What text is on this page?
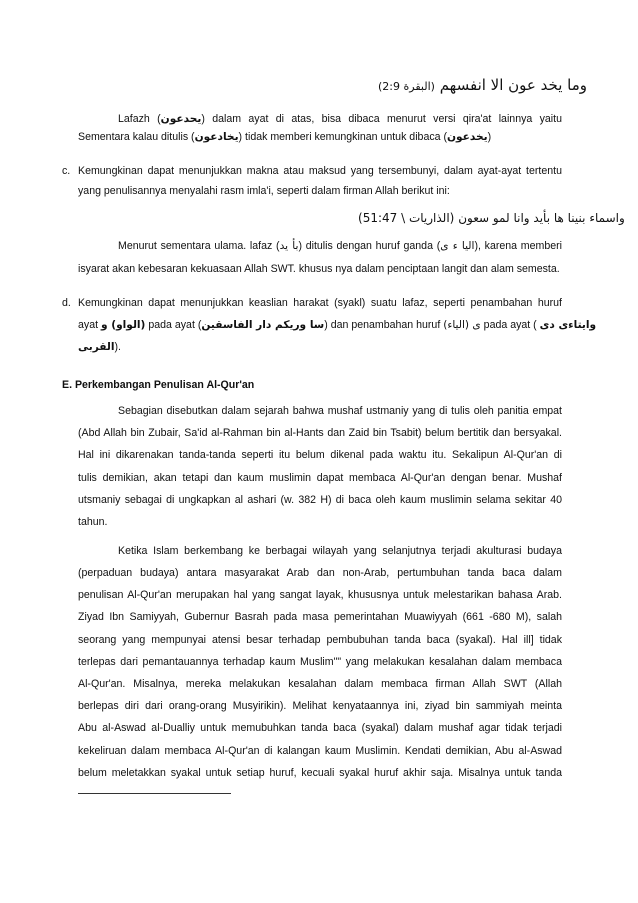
وما يخد عون الا انفسهم (البقرة 2:9)
Lafazh (يحدعون) dalam ayat di atas, bisa dibaca menurut versi qira'at lainnya yaitu
Sementara kalau ditulis (يخادعون) tidak memberi kemungkinan untuk dibaca (يخدعون)
c. Kemungkinan dapat menunjukkan makna atau maksud yang tersembunyi, dalam ayat-ayat tertentu
yang penulisannya menyalahi rasm imla'i, seperti dalam firman Allah berikut ini:
واسماء بنينا ها بأيد وانا لمو سعون (الذاريات \ 51:47)
Menurut sementara ulama. lafaz (بأ يد) ditulis dengan huruf ganda (اليا ء ى), karena memberi
isyarat akan kebesaran kekuasaan Allah SWT. khusus nya dalam penciptaan langit dan alam semesta.
d. Kemungkinan dapat menunjukkan keaslian harakat (syakl) suatu lafaz, seperti penambahan huruf
ayat (الواو) و pada ayat (سا وريكم دار الفاسقين) dan penambahan huruf ى (الياء) pada ayat ( وايتاءى دى
القربى).
E. Perkembangan Penulisan Al-Qur'an
Sebagian disebutkan dalam sejarah bahwa mushaf ustmaniy yang di tulis oleh panitia empat
(Abd Allah bin Zubair, Sa'id al-Rahman bin al-Hants dan Zaid bin Tsabit) belum bertitik dan bersyakal.
Hal ini dikarenakan tanda-tanda seperti itu belum dikenal pada waktu itu. Sekalipun Al-Qur'an di
tulis demikian, akan tetapi dan kaum muslimin dapat membaca Al-Qur'an dengan benar. Mushaf
utsmaniy sebagai di ungkapkan al ashari (w. 382 H) di baca oleh kaum muslimin selama sekitar 40
tahun.
Ketika Islam berkembang ke berbagai wilayah yang selanjutnya terjadi akulturasi budaya
(perpaduan budaya) antara masyarakat Arab dan non-Arab, pertumbuhan tanda baca dalam
penulisan Al-Qur'an merupakan hal yang sangat layak, khususnya untuk melestarikan bahasa Arab.
Ziyad Ibn Samiyyah, Gubernur Basrah pada masa pemerintahan Muawiyyah (661 -680 M), salah
seorang yang mempunyai atensi besar terhadap pembubuhan tanda baca (syakal). Hal ill] tidak
terlepas dari pemantauannya terhadap kaum Muslim"" yang melakukan kesalahan dalam membaca
Al-Qur'an. Misalnya, mereka melakukan kesalahan dalam membaca firman Allah SWT (Allah
berlepas diri dari orang-orang Musyirikin). Melihat kenyataannya ini, ziyad bin sammiyah meinta
Abu al-Aswad al-Dualliy untuk memubuhkan tanda baca (syakal) dalam mushaf agar tidak terjadi
kekeliruan dalam membaca Al-Qur'an di kalangan kaum Muslimin. Kendati demikian, Abu al-Aswad
belum meletakkan syakal untuk setiap huruf, kecuali syakal huruf akhir saja. Misalnya untuk tanda
